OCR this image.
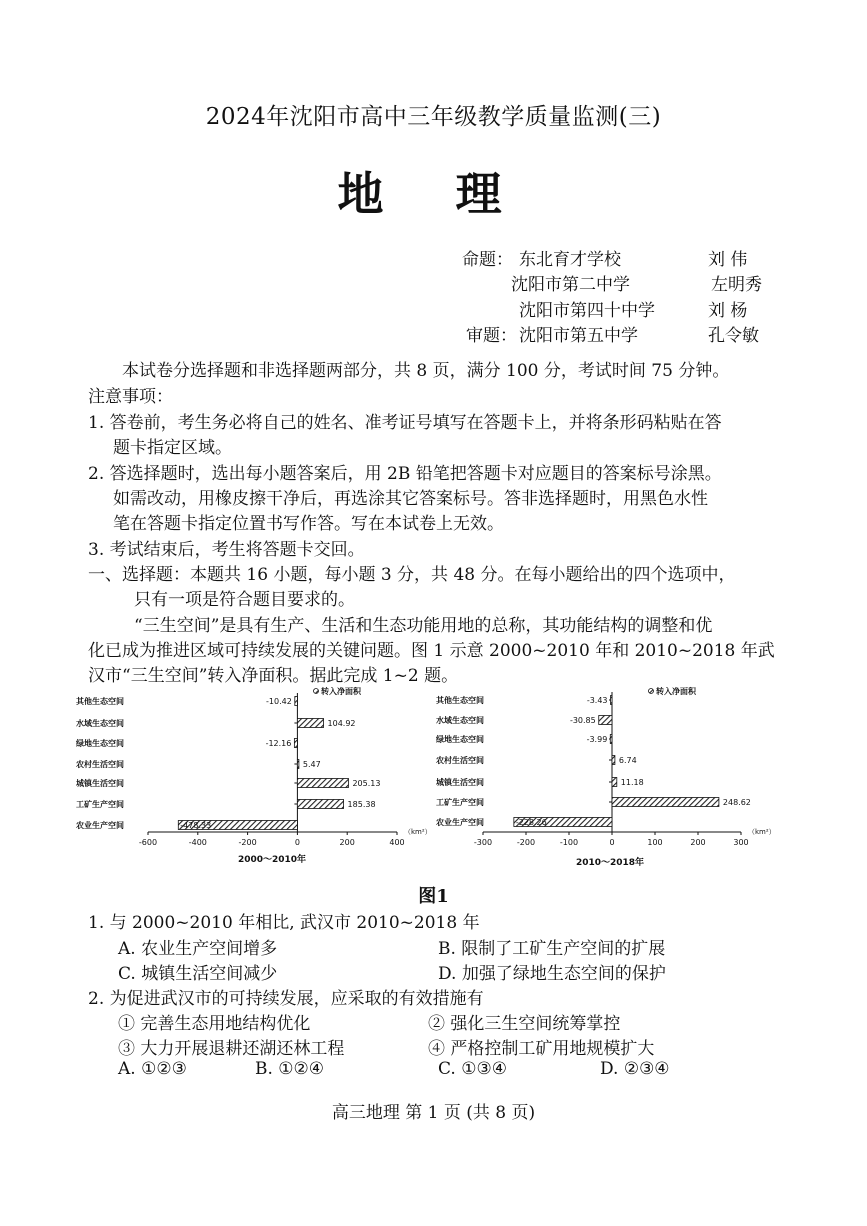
2024年沈阳市高中三年级教学质量监测(三)
地 理
命题： 东北育才学校	刘 伟
沈阳市第二中学	左明秀
沈阳市第四十中学	刘 杨
审题： 沈阳市第五中学	孔令敏
本试卷分选择题和非选择题两部分，共 8 页，满分 100 分，考试时间 75 分钟。
注意事项：
1. 答卷前，考生务必将自己的姓名、准考证号填写在答题卡上，并将条形码粘贴在答
题卡指定区域。
2. 答选择题时，选出每小题答案后，用 2B 铅笔把答题卡对应题目的答案标号涂黑。
如需改动，用橡皮擦干净后，再选涂其它答案标号。答非选择题时，用黑色水性
笔在答题卡指定位置书写作答。写在本试卷上无效。
3. 考试结束后，考生将答题卡交回。
一、选择题：本题共 16 小题，每小题 3 分，共 48 分。在每小题给出的四个选项中，
只有一项是符合题目要求的。
“三生空间”是具有生产、生活和生态功能用地的总称，其功能结构的调整和优
化已成为推进区域可持续发展的关键问题。图 1 示意 2000~2010 年和 2010~2018 年武
汉市“三生空间”转入净面积。据此完成 1~2 题。
-600	-400	-200	0	200	400
其他生态空间	-10.42
水域生态空间	104.92
绿地生态空间	-12.16
农村生活空间	5.47
城镇生活空间	205.13
工矿生产空间	185.38
农业生产空间	-478.33
转入净面积
（km²）
2000～2010年
-300	-200	-100	0	100	200	300
其他生态空间	-3.43
水域生态空间	-30.85
绿地生态空间	-3.99
农村生活空间	6.74
城镇生活空间	11.18
工矿生产空间	248.62
农业生产空间	-228.26
转入净面积
（km²）
2010～2018年
图1
1. 与 2000~2010 年相比, 武汉市 2010~2018 年
A. 农业生产空间增多	B. 限制了工矿生产空间的扩展
C. 城镇生活空间减少	D. 加强了绿地生态空间的保护
2. 为促进武汉市的可持续发展，应采取的有效措施有
① 完善生态用地结构优化	② 强化三生空间统筹掌控
③ 大力开展退耕还湖还林工程	④ 严格控制工矿用地规模扩大
A. ①②③	B. ①②④	C. ①③④	D. ②③④
高三地理 第 1 页 (共 8 页)
